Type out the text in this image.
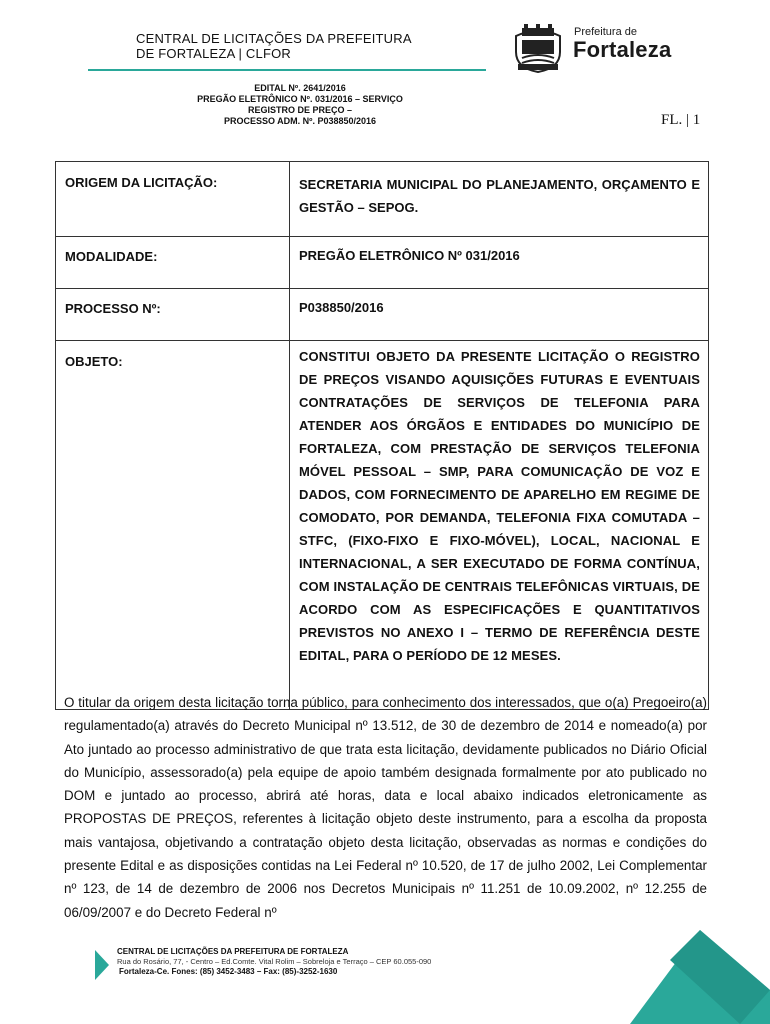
CENTRAL DE LICITAÇÕES DA PREFEITURA
DE FORTALEZA | CLFOR
Prefeitura de
Fortaleza
EDITAL Nº. 2641/2016
PREGÃO ELETRÔNICO Nº. 031/2016 – SERVIÇO
REGISTRO DE PREÇO –
PROCESSO ADM. Nº. P038850/2016	FL. | 1
ORIGEM DA LICITAÇÃO:	SECRETARIA MUNICIPAL DO PLANEJAMENTO, ORÇAMENTO E GESTÃO – SEPOG.
MODALIDADE:	PREGÃO ELETRÔNICO Nº 031/2016
PROCESSO Nº:	P038850/2016
OBJETO:	CONSTITUI OBJETO DA PRESENTE LICITAÇÃO O REGISTRO DE PREÇOS VISANDO AQUISIÇÕES FUTURAS E EVENTUAIS CONTRATAÇÕES DE SERVIÇOS DE TELEFONIA PARA ATENDER AOS ÓRGÃOS E ENTIDADES DO MUNICÍPIO DE FORTALEZA, COM PRESTAÇÃO DE SERVIÇOS TELEFONIA MÓVEL PESSOAL – SMP, PARA COMUNICAÇÃO DE VOZ E DADOS, COM FORNECIMENTO DE APARELHO EM REGIME DE COMODATO, POR DEMANDA, TELEFONIA FIXA COMUTADA – STFC, (FIXO-FIXO E FIXO-MÓVEL), LOCAL, NACIONAL E INTERNACIONAL, A SER EXECUTADO DE FORMA CONTÍNUA, COM INSTALAÇÃO DE CENTRAIS TELEFÔNICAS VIRTUAIS, DE ACORDO COM AS ESPECIFICAÇÕES E QUANTITATIVOS PREVISTOS NO ANEXO I – TERMO DE REFERÊNCIA DESTE EDITAL, PARA O PERÍODO DE 12 MESES.
O titular da origem desta licitação torna público, para conhecimento dos interessados, que o(a) Pregoeiro(a) regulamentado(a) através do Decreto Municipal nº 13.512, de 30 de dezembro de 2014 e nomeado(a) por Ato juntado ao processo administrativo de que trata esta licitação, devidamente publicados no Diário Oficial do Município, assessorado(a) pela equipe de apoio também designada formalmente por ato publicado no DOM e juntado ao processo, abrirá até horas, data e local abaixo indicados eletronicamente as PROPOSTAS DE PREÇOS, referentes à licitação objeto deste instrumento, para a escolha da proposta mais vantajosa, objetivando a contratação objeto desta licitação, observadas as normas e condições do presente Edital e as disposições contidas na Lei Federal nº 10.520, de 17 de julho 2002, Lei Complementar nº 123, de 14 de dezembro de 2006 nos Decretos Municipais nº 11.251 de 10.09.2002, nº 12.255 de 06/09/2007 e do Decreto Federal nº
CENTRAL DE LICITAÇÕES DA PREFEITURA DE FORTALEZA
Rua do Rosário, 77, - Centro – Ed.Comte. Vital Rolim – Sobreloja e Terraço – CEP 60.055-090
Fortaleza-Ce. Fones: (85) 3452-3483 – Fax: (85)-3252-1630
